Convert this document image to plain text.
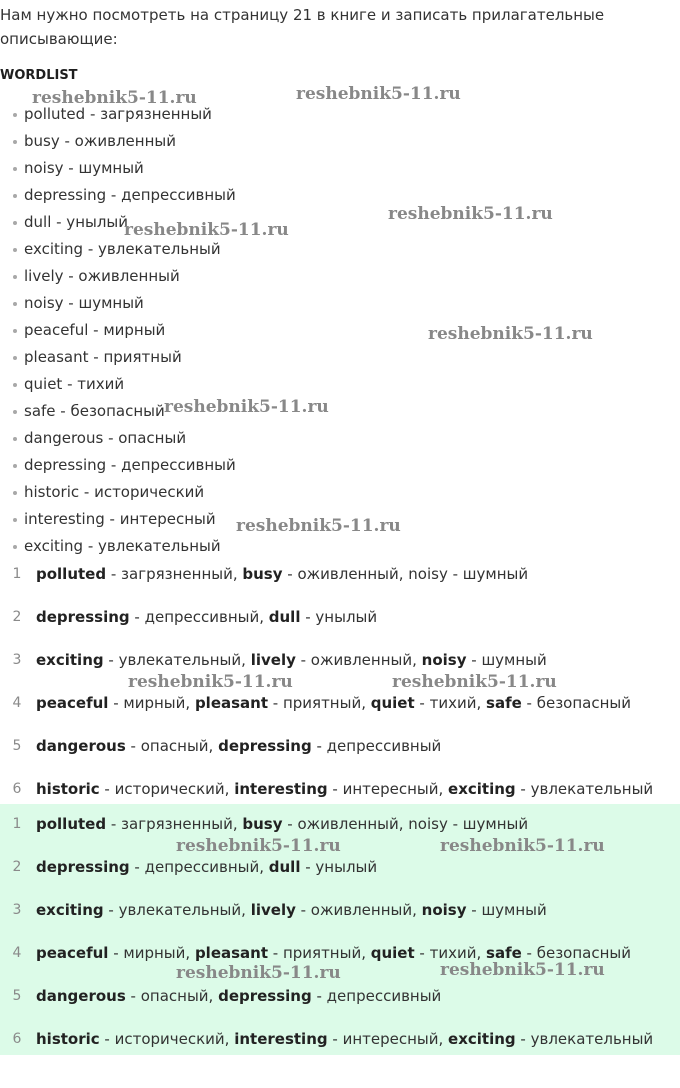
Нам нужно посмотреть на страницу 21 в книге и записать прилагательные описывающие:
WORDLIST
polluted - загрязненный
busy - оживленный
noisy - шумный
depressing - депрессивный
dull - унылый
exciting - увлекательный
lively - оживленный
noisy - шумный
peaceful - мирный
pleasant - приятный
quiet - тихий
safe - безопасный
dangerous - опасный
depressing - депрессивный
historic - исторический
interesting - интересный
exciting - увлекательный
1 polluted - загрязненный, busy - оживленный, noisy - шумный
2 depressing - депрессивный, dull - унылый
3 exciting - увлекательный, lively - оживленный, noisy - шумный
4 peaceful - мирный, pleasant - приятный, quiet - тихий, safe - безопасный
5 dangerous - опасный, depressing - депрессивный
6 historic - исторический, interesting - интересный, exciting - увлекательный
1 polluted - загрязненный, busy - оживленный, noisy - шумный
2 depressing - депрессивный, dull - унылый
3 exciting - увлекательный, lively - оживленный, noisy - шумный
4 peaceful - мирный, pleasant - приятный, quiet - тихий, safe - безопасный
5 dangerous - опасный, depressing - депрессивный
6 historic - исторический, interesting - интересный, exciting - увлекательный
reshebnik5-11.ru	reshebnik5-11.ru
reshebnik5-11.ru
reshebnik5-11.ru
reshebnik5-11.ru
reshebnik5-11.ru
reshebnik5-11.ru
reshebnik5-11.ru	reshebnik5-11.ru
reshebnik5-11.ru	reshebnik5-11.ru
reshebnik5-11.ru	reshebnik5-11.ru
